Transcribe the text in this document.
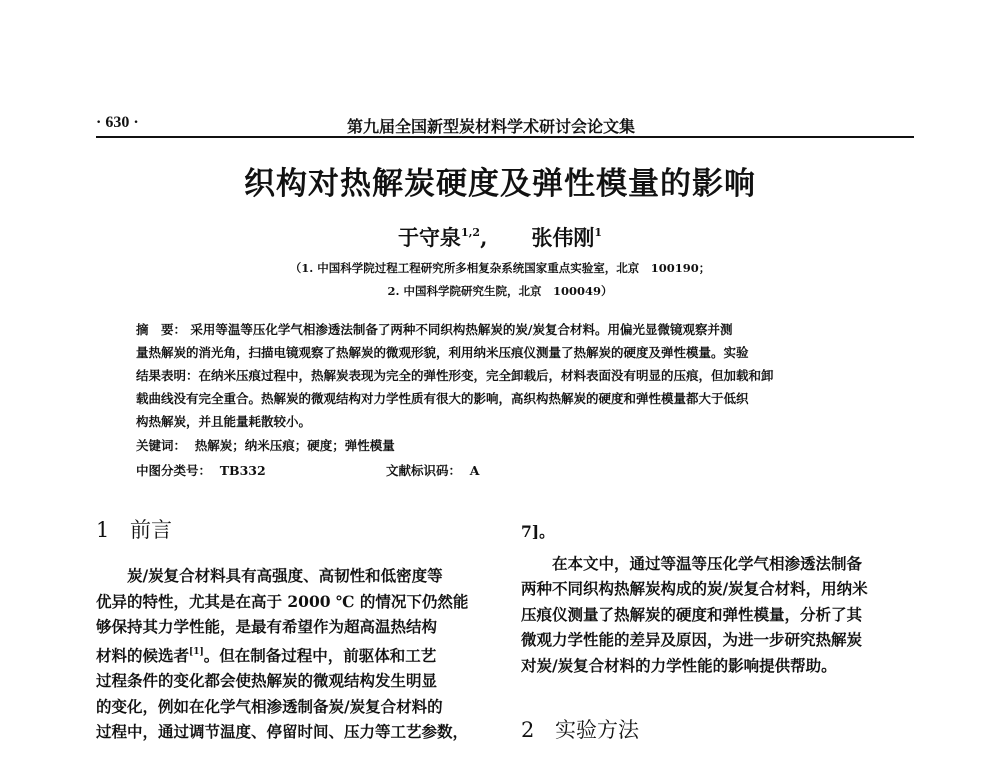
· 630 ·	第九届全国新型炭材料学术研讨会论文集
织构对热解炭硬度及弹性模量的影响
于守泉$^{1,2}$, 张伟刚$^1$
（1. 中国科学院过程工程研究所多相复杂系统国家重点实验室，北京　100190；
2. 中国科学院研究生院，北京　100049）
摘　要： 采用等温等压化学气相渗透法制备了两种不同织构热解炭的炭/炭复合材料。用偏光显微镜观察并测
量热解炭的消光角，扫描电镜观察了热解炭的微观形貌，利用纳米压痕仪测量了热解炭的硬度及弹性模量。实验
结果表明：在纳米压痕过程中，热解炭表现为完全的弹性形变，完全卸载后，材料表面没有明显的压痕，但加载和卸
载曲线没有完全重合。热解炭的微观结构对力学性质有很大的影响，高织构热解炭的硬度和弹性模量都大于低织
构热解炭，并且能量耗散较小。
关键词： 热解炭；纳米压痕；硬度；弹性模量
中图分类号： TB332	文献标识码： A
1 前言
　　炭/炭复合材料具有高强度、高韧性和低密度等
优异的特性，尤其是在高于 2000 ℃ 的情况下仍然能
够保持其力学性能，是最有希望作为超高温热结构
材料的候选者[1]。但在制备过程中，前驱体和工艺
过程条件的变化都会使热解炭的微观结构发生明显
的变化，例如在化学气相渗透制备炭/炭复合材料的
过程中，通过调节温度、停留时间、压力等工艺参数，
7]。
　　在本文中，通过等温等压化学气相渗透法制备
两种不同织构热解炭构成的炭/炭复合材料，用纳米
压痕仪测量了热解炭的硬度和弹性模量，分析了其
微观力学性能的差异及原因，为进一步研究热解炭
对炭/炭复合材料的力学性能的影响提供帮助。
2 实验方法
